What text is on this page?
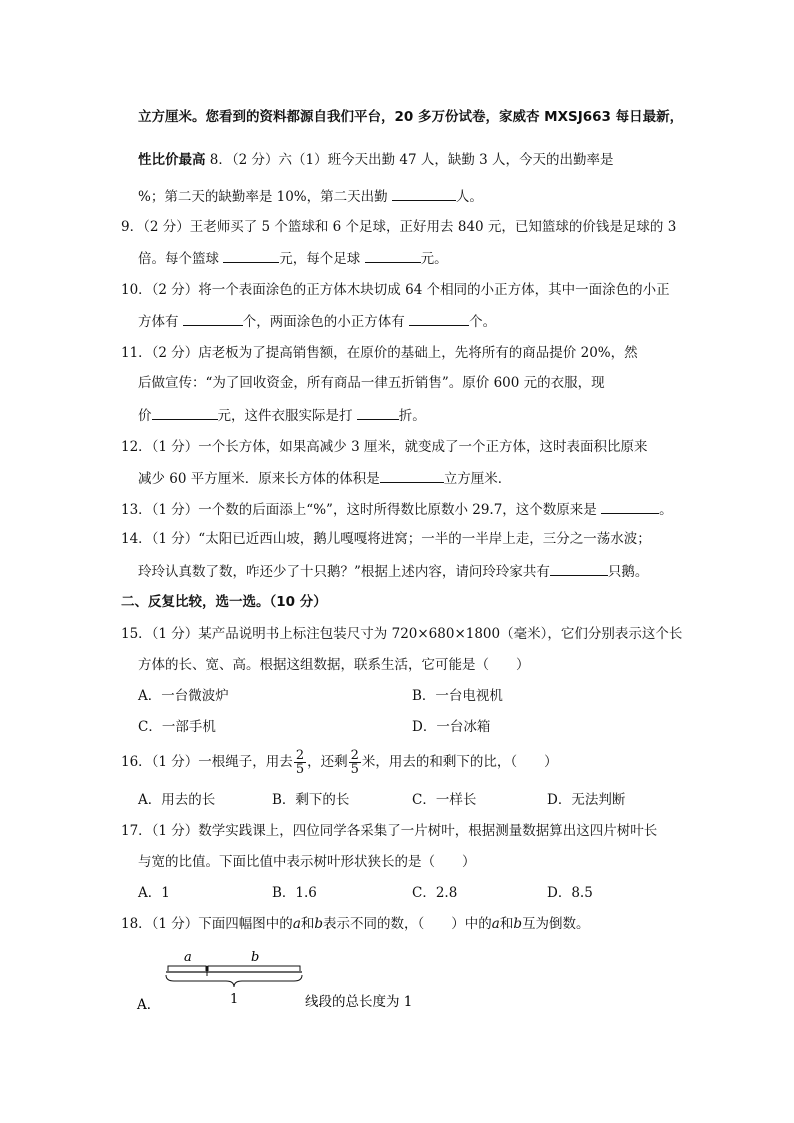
立方厘米。您看到的资料都源自我们平台，20 多万份试卷，家威杏 MXSJ663 每日最新，
性比价最高 8．（2 分）六（1）班今天出勤 47 人，缺勤 3 人，今天的出勤率是
%；第二天的缺勤率是 10%，第二天出勤	人。
9．（2 分）王老师买了 5 个篮球和 6 个足球，正好用去 840 元，已知篮球的价钱是足球的 3
倍。每个篮球	元，每个足球	元。
10．（2 分）将一个表面涂色的正方体木块切成 64 个相同的小正方体，其中一面涂色的小正
方体有	个，两面涂色的小正方体有	个。
11．（2 分）店老板为了提高销售额，在原价的基础上，先将所有的商品提价 20%，然
后做宣传：“为了回收资金，所有商品一律五折销售”。原价 600 元的衣服，现
价	元，这件衣服实际是打	折。
12．（1 分）一个长方体，如果高减少 3 厘米，就变成了一个正方体，这时表面积比原来
减少 60 平方厘米．原来长方体的体积是	立方厘米．
13．（1 分）一个数的后面添上“%”，这时所得数比原数小 29.7，这个数原来是	。
14．（1 分）“太阳已近西山坡，鹅儿嘎嘎将进窝；一半的一半岸上走，三分之一荡水波；
玲玲认真数了数，咋还少了十只鹅？”根据上述内容，请问玲玲家共有	只鹅。
二、反复比较，选一选。（10 分）
15．（1 分）某产品说明书上标注包装尺寸为 720×680×1800（毫米），它们分别表示这个长
方体的长、宽、高。根据这组数据，联系生活，它可能是（　　）
A．一台微波炉	B．一台电视机
C．一部手机	D．一台冰箱
16．（1 分）一根绳子，用去 $\frac{2}{5}$ ，还剩 $\frac{2}{5}$ 米，用去的和剩下的比，（　　）
A．用去的长	B．剩下的长	C．一样长	D．无法判断
17．（1 分）数学实践课上，四位同学各采集了一片树叶，根据测量数据算出这四片树叶长
与宽的比值。下面比值中表示树叶形状狭长的是（　　）
A．1	B．1.6	C．2.8	D．8.5
18．（1 分）下面四幅图中的a和b表示不同的数，（　　）中的a和b互为倒数。
a	b
1
A．	线段的总长度为 1
